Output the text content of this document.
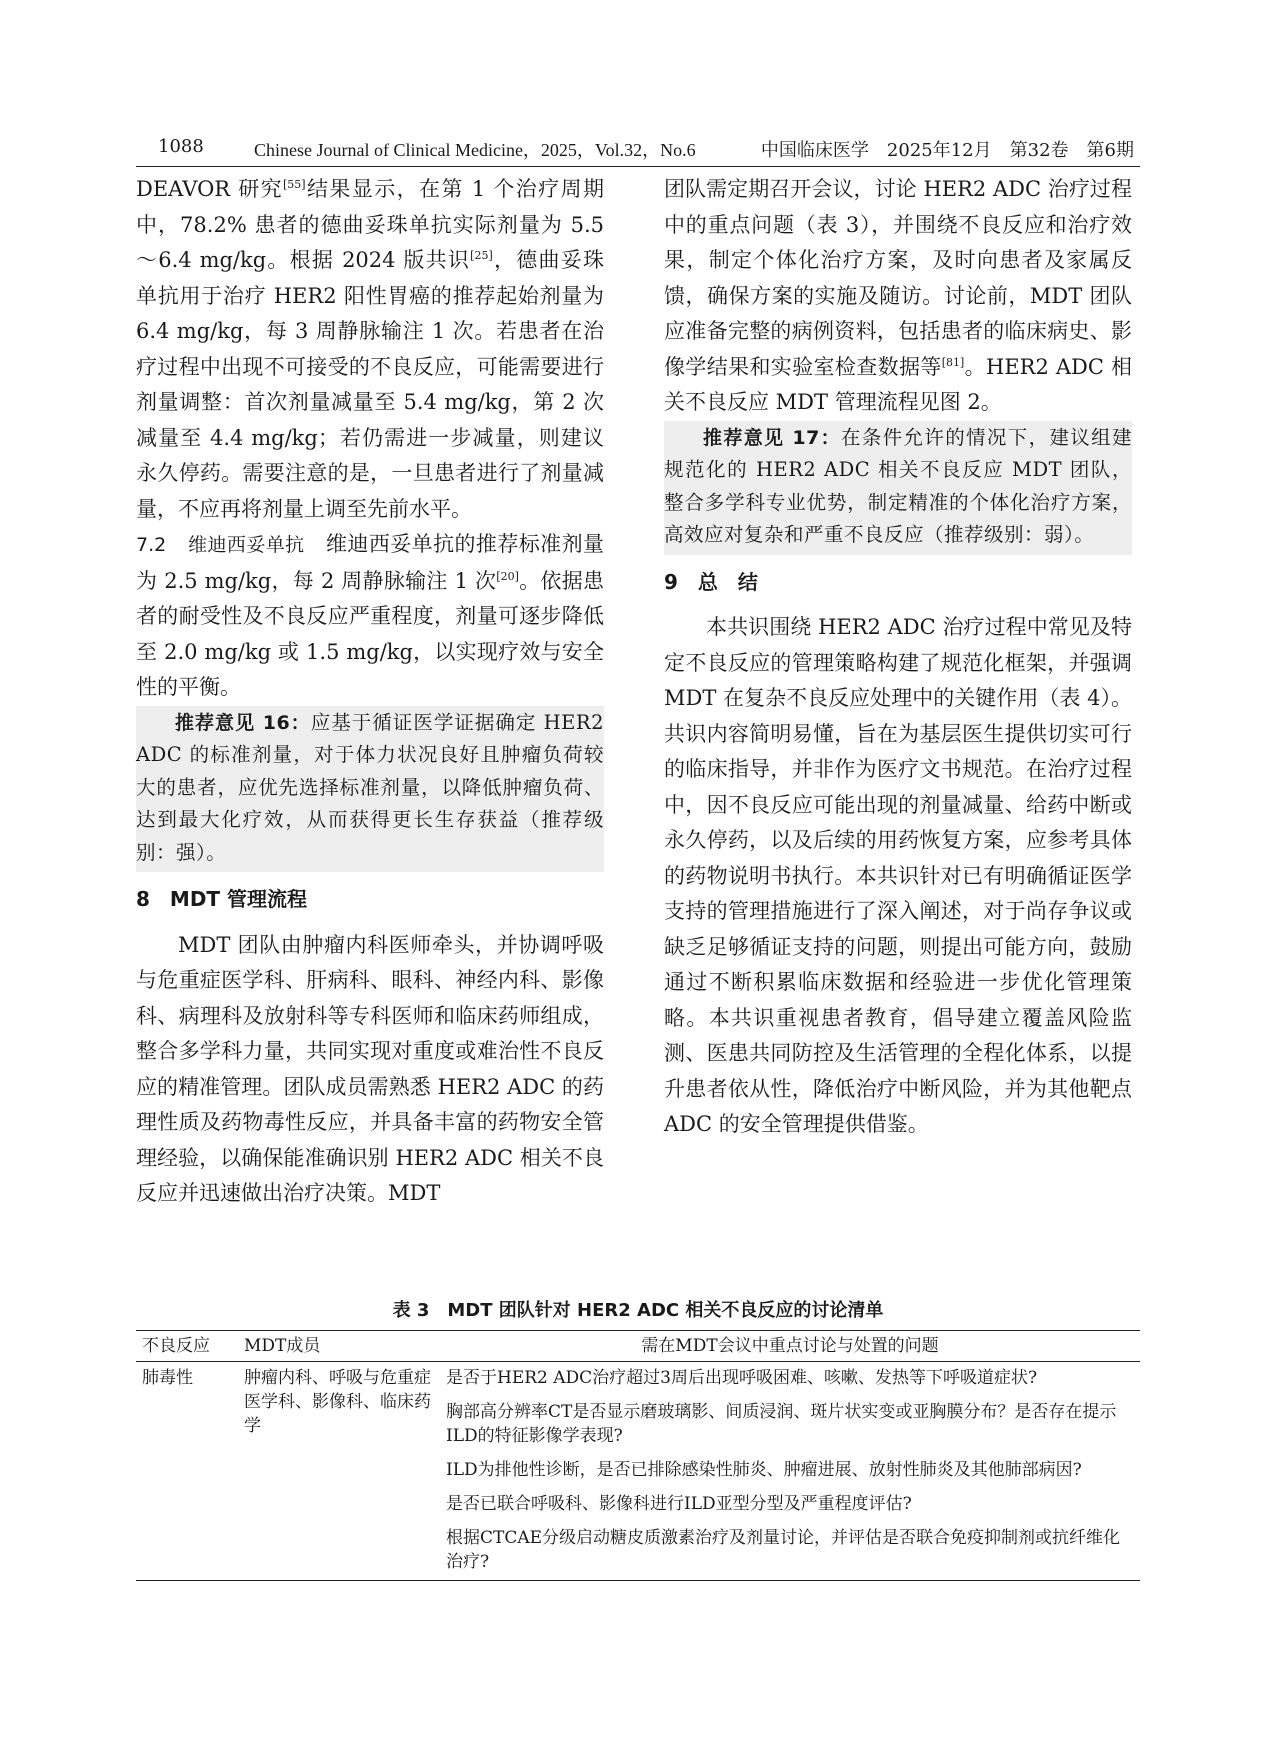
1088	Chinese Journal of Clinical Medicine，2025，Vol.32，No.6	中国临床医学　2025年12月　第32卷　第6期

DEAVOR 研究[55]结果显示，在第 1 个治疗周期中，78.2% 患者的德曲妥珠单抗实际剂量为 5.5～6.4 mg/kg。根据 2024 版共识[25]，德曲妥珠单抗用于治疗 HER2 阳性胃癌的推荐起始剂量为 6.4 mg/kg，每 3 周静脉输注 1 次。若患者在治疗过程中出现不可接受的不良反应，可能需要进行剂量调整：首次剂量减量至 5.4 mg/kg，第 2 次减量至 4.4 mg/kg；若仍需进一步减量，则建议永久停药。需要注意的是，一旦患者进行了剂量减量，不应再将剂量上调至先前水平。

7.2　 维迪西妥单抗　 维迪西妥单抗的推荐标准剂量为 2.5 mg/kg，每 2 周静脉输注 1 次[20]。依据患者的耐受性及不良反应严重程度，剂量可逐步降低至 2.0 mg/kg 或 1.5 mg/kg，以实现疗效与安全性的平衡。

推荐意见 16：应基于循证医学证据确定 HER2 ADC 的标准剂量，对于体力状况良好且肿瘤负荷较大的患者，应优先选择标准剂量，以降低肿瘤负荷、达到最大化疗效，从而获得更长生存获益（推荐级别：强）。

8　MDT 管理流程

MDT 团队由肿瘤内科医师牵头，并协调呼吸与危重症医学科、肝病科、眼科、神经内科、影像科、病理科及放射科等专科医师和临床药师组成，整合多学科力量，共同实现对重度或难治性不良反应的精准管理。团队成员需熟悉 HER2 ADC 的药理性质及药物毒性反应，并具备丰富的药物安全管理经验，以确保能准确识别 HER2 ADC 相关不良反应并迅速做出治疗决策。MDT

团队需定期召开会议，讨论 HER2 ADC 治疗过程中的重点问题（表 3），并围绕不良反应和治疗效果，制定个体化治疗方案，及时向患者及家属反馈，确保方案的实施及随访。讨论前，MDT 团队应准备完整的病例资料，包括患者的临床病史、影像学结果和实验室检查数据等[81]。HER2 ADC 相关不良反应 MDT 管理流程见图 2。

推荐意见 17：在条件允许的情况下，建议组建规范化的 HER2 ADC 相关不良反应 MDT 团队，整合多学科专业优势，制定精准的个体化治疗方案，高效应对复杂和严重不良反应（推荐级别：弱）。

9　总　结

本共识围绕 HER2 ADC 治疗过程中常见及特定不良反应的管理策略构建了规范化框架，并强调 MDT 在复杂不良反应处理中的关键作用（表 4）。共识内容简明易懂，旨在为基层医生提供切实可行的临床指导，并非作为医疗文书规范。在治疗过程中，因不良反应可能出现的剂量减量、给药中断或永久停药，以及后续的用药恢复方案，应参考具体的药物说明书执行。本共识针对已有明确循证医学支持的管理措施进行了深入阐述，对于尚存争议或缺乏足够循证支持的问题，则提出可能方向，鼓励通过不断积累临床数据和经验进一步优化管理策略。本共识重视患者教育，倡导建立覆盖风险监测、医患共同防控及生活管理的全程化体系，以提升患者依从性，降低治疗中断风险，并为其他靶点 ADC 的安全管理提供借鉴。

表 3　MDT 团队针对 HER2 ADC 相关不良反应的讨论清单
不良反应	MDT成员	需在MDT会议中重点讨论与处置的问题
肺毒性	肿瘤内科、呼吸与危重症医学科、影像科、临床药学	是否于HER2 ADC治疗超过3周后出现呼吸困难、咳嗽、发热等下呼吸道症状?
胸部高分辨率CT是否显示磨玻璃影、间质浸润、斑片状实变或亚胸膜分布？是否存在提示ILD的特征影像学表现?
ILD为排他性诊断，是否已排除感染性肺炎、肿瘤进展、放射性肺炎及其他肺部病因?
是否已联合呼吸科、影像科进行ILD亚型分型及严重程度评估?
根据CTCAE分级启动糖皮质激素治疗及剂量讨论，并评估是否联合免疫抑制剂或抗纤维化治疗?
